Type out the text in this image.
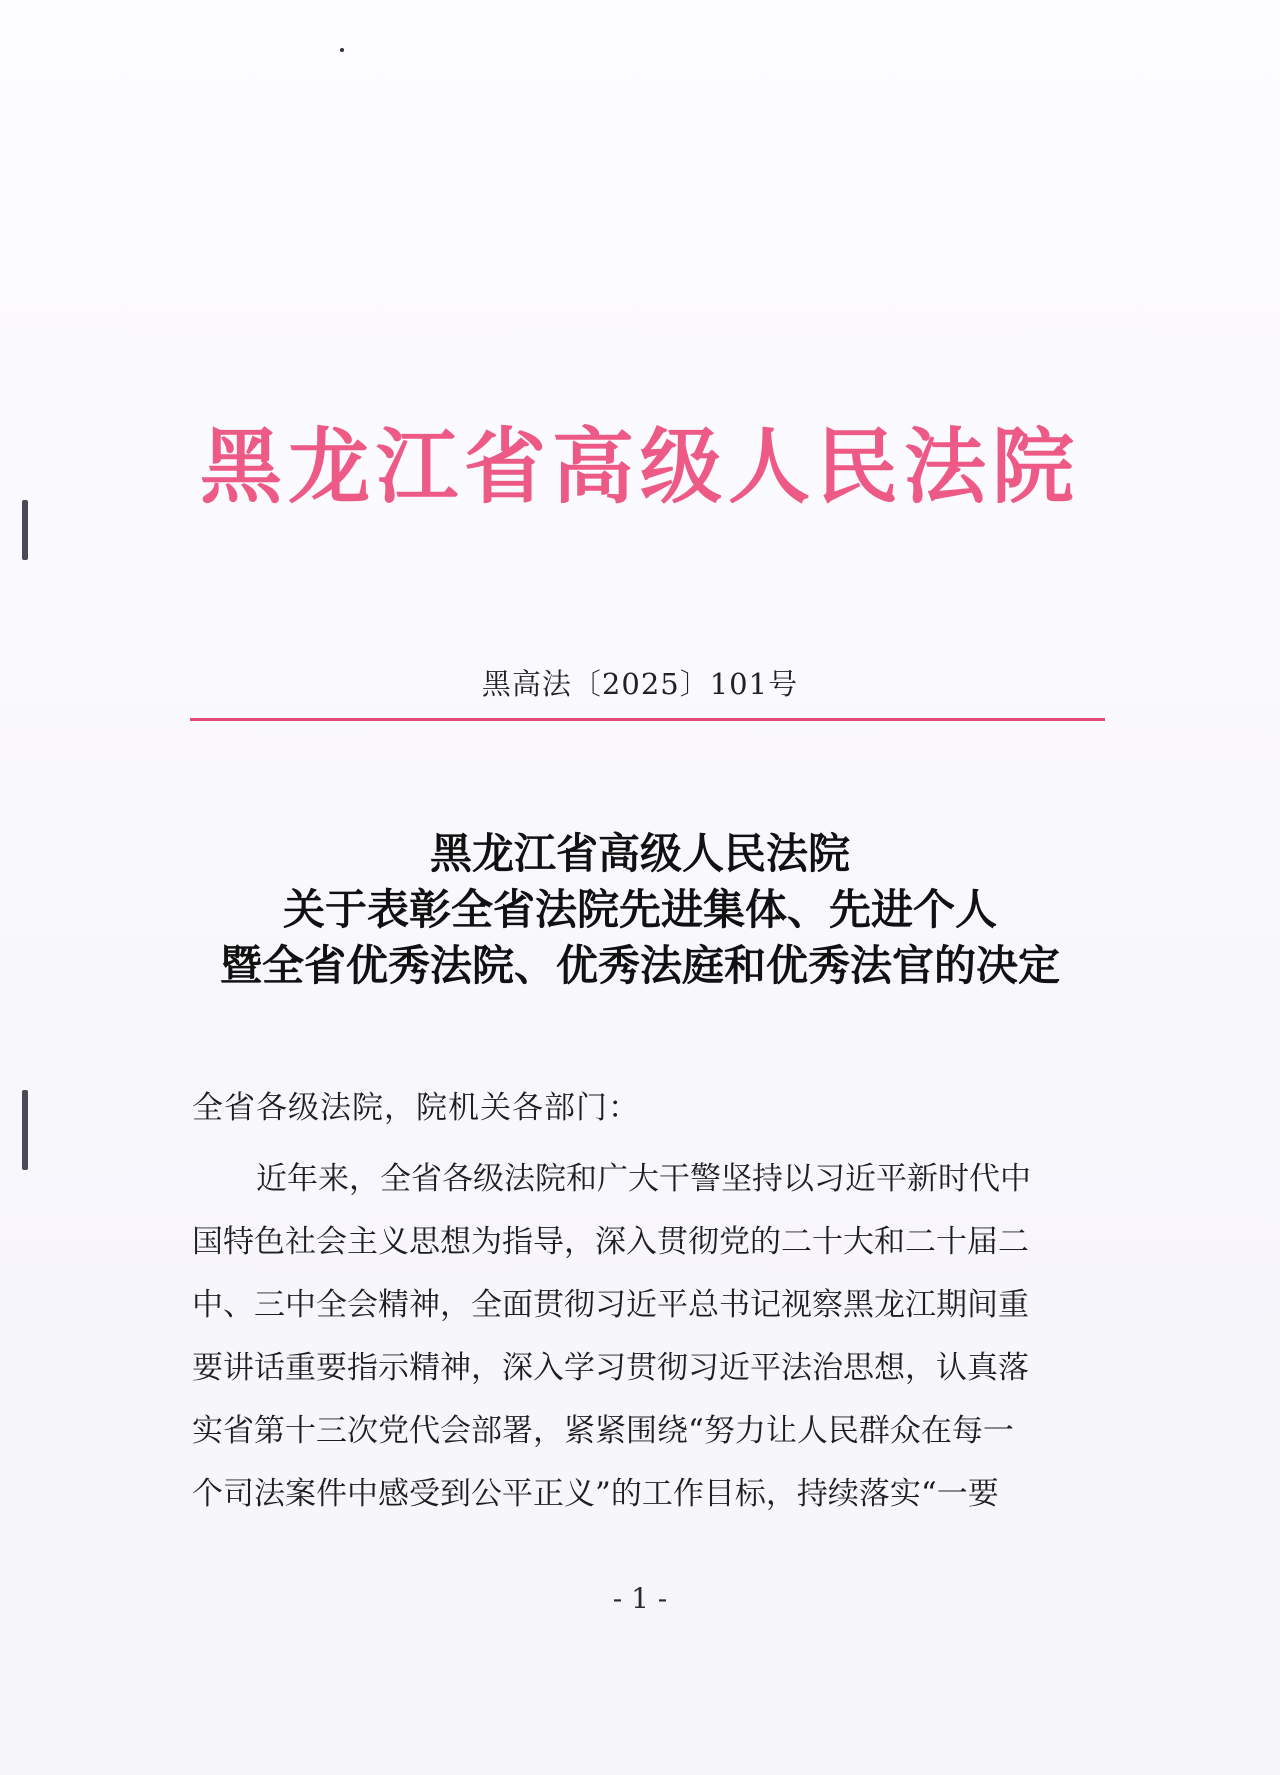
黑龙江省高级人民法院
黑高法〔2025〕101号
黑龙江省高级人民法院
关于表彰全省法院先进集体、先进个人
暨全省优秀法院、优秀法庭和优秀法官的决定
全省各级法院，院机关各部门：
近年来，全省各级法院和广大干警坚持以习近平新时代中
国特色社会主义思想为指导，深入贯彻党的二十大和二十届二
中、三中全会精神，全面贯彻习近平总书记视察黑龙江期间重
要讲话重要指示精神，深入学习贯彻习近平法治思想，认真落
实省第十三次党代会部署，紧紧围绕“努力让人民群众在每一
个司法案件中感受到公平正义”的工作目标，持续落实“一要
- 1 -
